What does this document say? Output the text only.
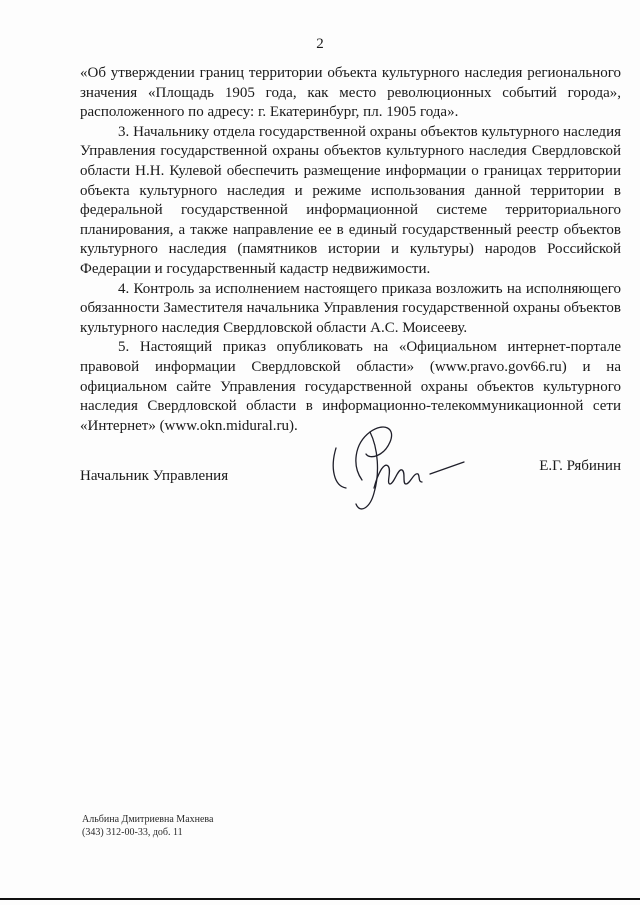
2

«Об утверждении границ территории объекта культурного наследия регионального значения «Площадь 1905 года, как место революционных событий города», расположенного по адресу: г. Екатеринбург, пл. 1905 года».

3. Начальнику отдела государственной охраны объектов культурного наследия Управления государственной охраны объектов культурного наследия Свердловской области Н.Н. Кулевой обеспечить размещение информации о границах территории объекта культурного наследия и режиме использования данной территории в федеральной государственной информационной системе территориального планирования, а также направление ее в единый государственный реестр объектов культурного наследия (памятников истории и культуры) народов Российской Федерации и государственный кадастр недвижимости.

4. Контроль за исполнением настоящего приказа возложить на исполняющего обязанности Заместителя начальника Управления государственной охраны объектов культурного наследия Свердловской области А.С. Моисееву.

5. Настоящий приказ опубликовать на «Официальном интернет-портале правовой информации Свердловской области» (www.pravo.gov66.ru) и на официальном сайте Управления государственной охраны объектов культурного наследия Свердловской области в информационно-телекоммуникационной сети «Интернет» (www.okn.midural.ru).

Начальник Управления
Е.Г. Рябинин
Альбина Дмитриевна Махнева
(343) 312-00-33, доб. 11
